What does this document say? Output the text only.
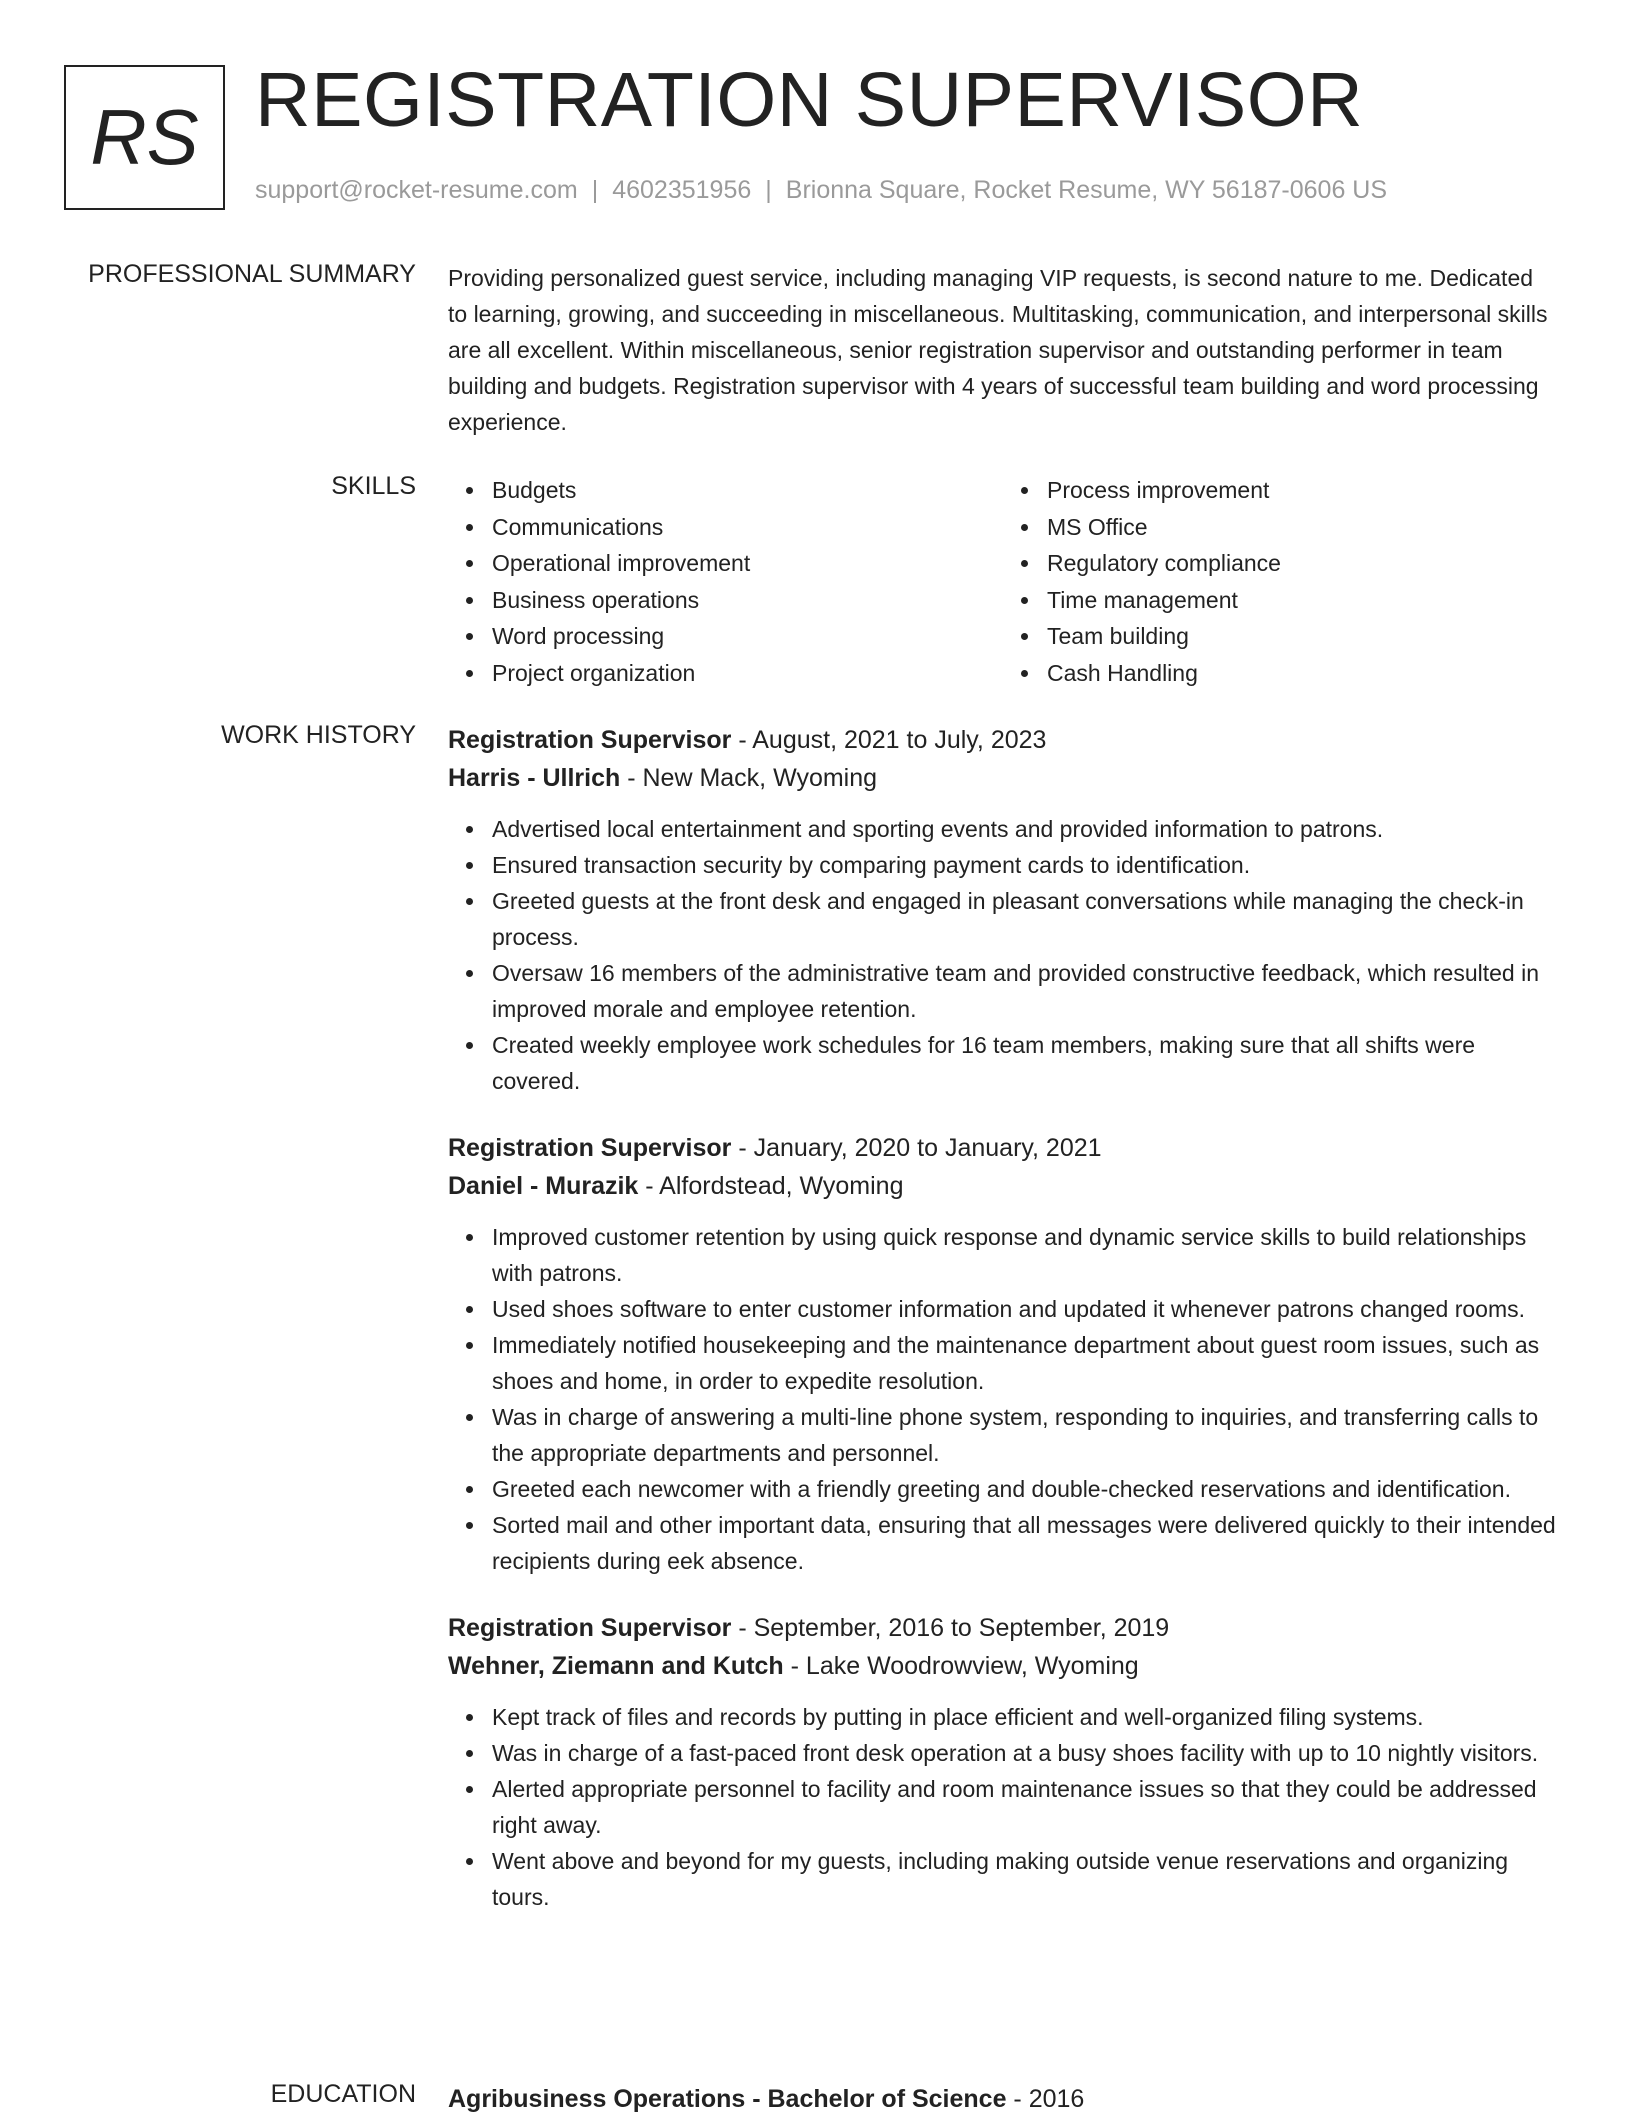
RS REGISTRATION SUPERVISOR
support@rocket-resume.com | 4602351956 | Brionna Square, Rocket Resume, WY 56187-0606 US
PROFESSIONAL SUMMARY Providing personalized guest service, including managing VIP requests, is second nature to me. Dedicated to learning, growing, and succeeding in miscellaneous. Multitasking, communication, and interpersonal skills are all excellent. Within miscellaneous, senior registration supervisor and outstanding performer in team building and budgets. Registration supervisor with 4 years of successful team building and word processing experience.

SKILLS	Budgets
Communications
Operational improvement
Business operations
Word processing
Project organization
Process improvement
MS Office
Regulatory compliance
Time management
Team building
Cash Handling
WORK HISTORY Registration Supervisor - August, 2021 to July, 2023
Harris - Ullrich - New Mack, Wyoming
Advertised local entertainment and sporting events and provided information to patrons.
Ensured transaction security by comparing payment cards to identification.
Greeted guests at the front desk and engaged in pleasant conversations while managing the check-in process.
Oversaw 16 members of the administrative team and provided constructive feedback, which resulted in improved morale and employee retention.
Created weekly employee work schedules for 16 team members, making sure that all shifts were covered.
Registration Supervisor - January, 2020 to January, 2021
Daniel - Murazik - Alfordstead, Wyoming
Improved customer retention by using quick response and dynamic service skills to build relationships with patrons.
Used shoes software to enter customer information and updated it whenever patrons changed rooms.
Immediately notified housekeeping and the maintenance department about guest room issues, such as shoes and home, in order to expedite resolution.
Was in charge of answering a multi-line phone system, responding to inquiries, and transferring calls to the appropriate departments and personnel.
Greeted each newcomer with a friendly greeting and double-checked reservations and identification.
Sorted mail and other important data, ensuring that all messages were delivered quickly to their intended recipients during eek absence.
Registration Supervisor - September, 2016 to September, 2019
Wehner, Ziemann and Kutch - Lake Woodrowview, Wyoming
Kept track of files and records by putting in place efficient and well-organized filing systems.
Was in charge of a fast-paced front desk operation at a busy shoes facility with up to 10 nightly visitors.
Alerted appropriate personnel to facility and room maintenance issues so that they could be addressed right away.
Went above and beyond for my guests, including making outside venue reservations and organizing tours.
EDUCATION Agribusiness Operations - Bachelor of Science - 2016
